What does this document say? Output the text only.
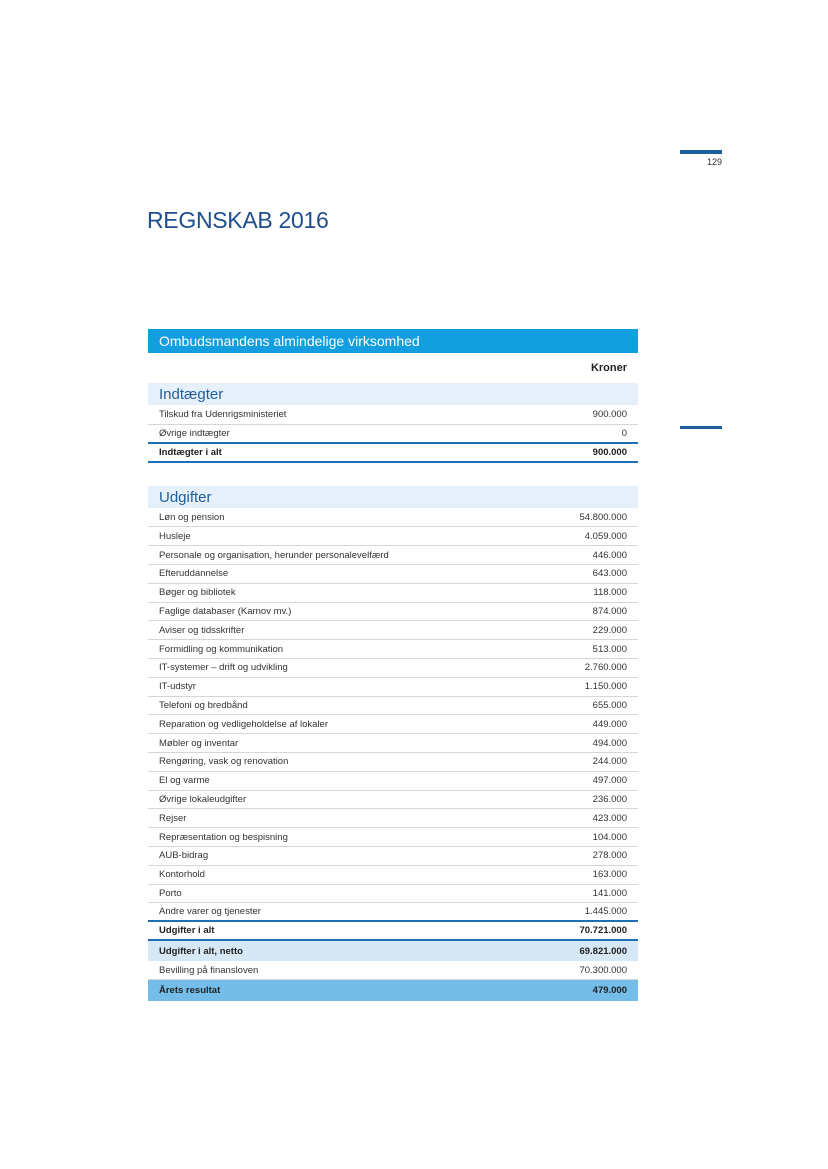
129
REGNSKAB 2016
Ombudsmandens almindelige virksomhed
Kroner
Indtægter
Tilskud fra Udenrigsministeriet	900.000
Øvrige indtægter	0
Indtægter i alt	900.000
Udgifter
Løn og pension	54.800.000
Husleje	4.059.000
Personale og organisation, herunder personalevelfærd	446.000
Efteruddannelse	643.000
Bøger og bibliotek	118.000
Faglige databaser (Karnov mv.)	874.000
Aviser og tidsskrifter	229.000
Formidling og kommunikation	513.000
IT-systemer – drift og udvikling	2.760.000
IT-udstyr	1.150.000
Telefoni og bredbånd	655.000
Reparation og vedligeholdelse af lokaler	449.000
Møbler og inventar	494.000
Rengøring, vask og renovation	244.000
El og varme	497.000
Øvrige lokaleudgifter	236.000
Rejser	423.000
Repræsentation og bespisning	104.000
AUB-bidrag	278.000
Kontorhold	163.000
Porto	141.000
Andre varer og tjenester	1.445.000
Udgifter i alt	70.721.000
Udgifter i alt, netto	69.821.000
Bevilling på finansloven	70.300.000
Årets resultat	479.000
